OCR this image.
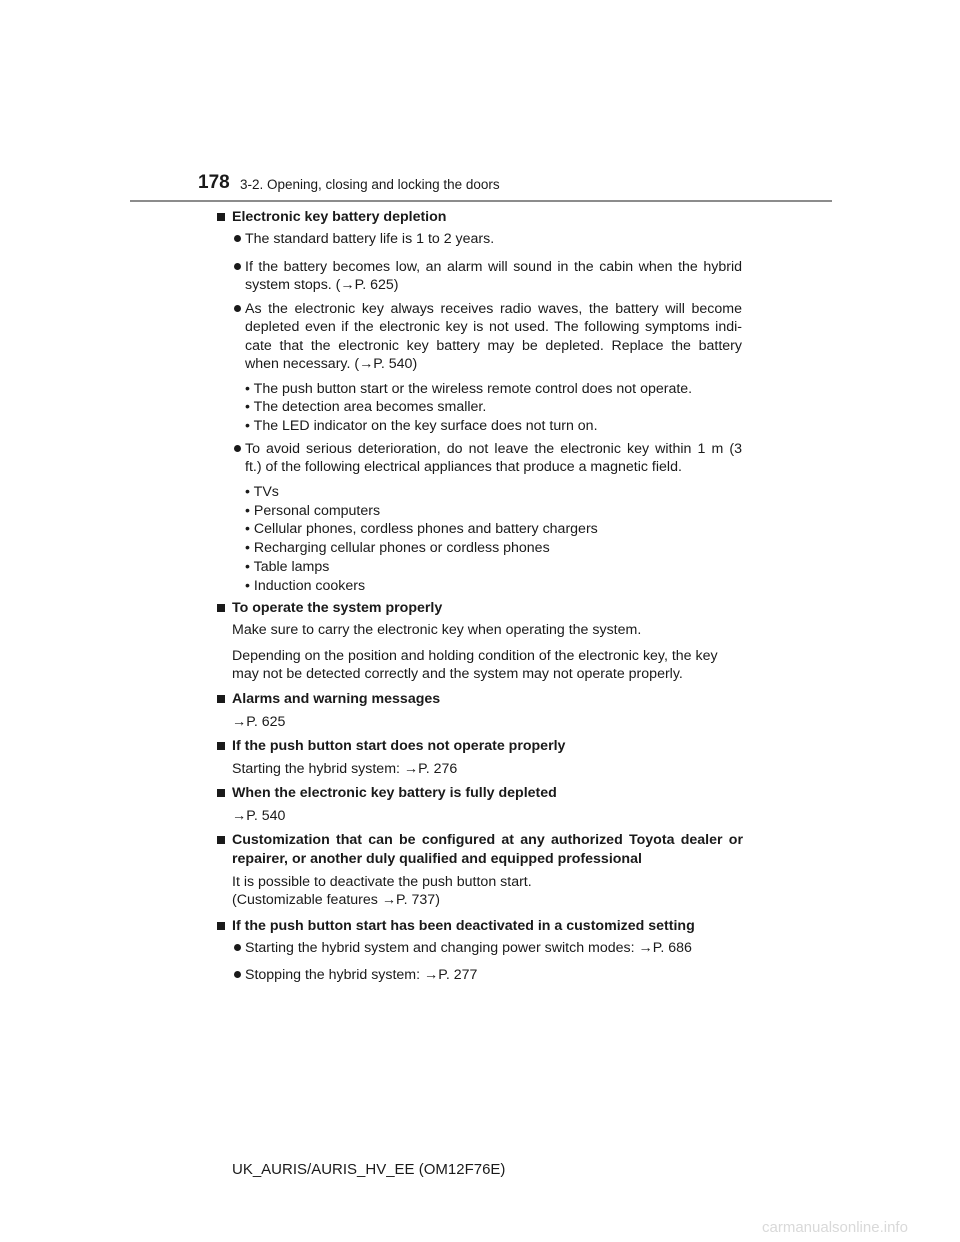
178 3-2. Opening, closing and locking the doors
Electronic key battery depletion
The standard battery life is 1 to 2 years.
If the battery becomes low, an alarm will sound in the cabin when the hybrid
system stops. (→P. 625)
As the electronic key always receives radio waves, the battery will become
depleted even if the electronic key is not used. The following symptoms indi-
cate that the electronic key battery may be depleted. Replace the battery
when necessary. (→P. 540)
• The push button start or the wireless remote control does not operate.
• The detection area becomes smaller.
• The LED indicator on the key surface does not turn on.
To avoid serious deterioration, do not leave the electronic key within 1 m (3
ft.) of the following electrical appliances that produce a magnetic field.
• TVs
• Personal computers
• Cellular phones, cordless phones and battery chargers
• Recharging cellular phones or cordless phones
• Table lamps
• Induction cookers
To operate the system properly
Make sure to carry the electronic key when operating the system.
Depending on the position and holding condition of the electronic key, the key
may not be detected correctly and the system may not operate properly.
Alarms and warning messages
→P. 625
If the push button start does not operate properly
Starting the hybrid system: →P. 276
When the electronic key battery is fully depleted
→P. 540
Customization that can be configured at any authorized Toyota dealer or
repairer, or another duly qualified and equipped professional
It is possible to deactivate the push button start.
(Customizable features →P. 737)
If the push button start has been deactivated in a customized setting
Starting the hybrid system and changing power switch modes: →P. 686
Stopping the hybrid system: →P. 277
UK_AURIS/AURIS_HV_EE (OM12F76E)
carmanualsonline.info
